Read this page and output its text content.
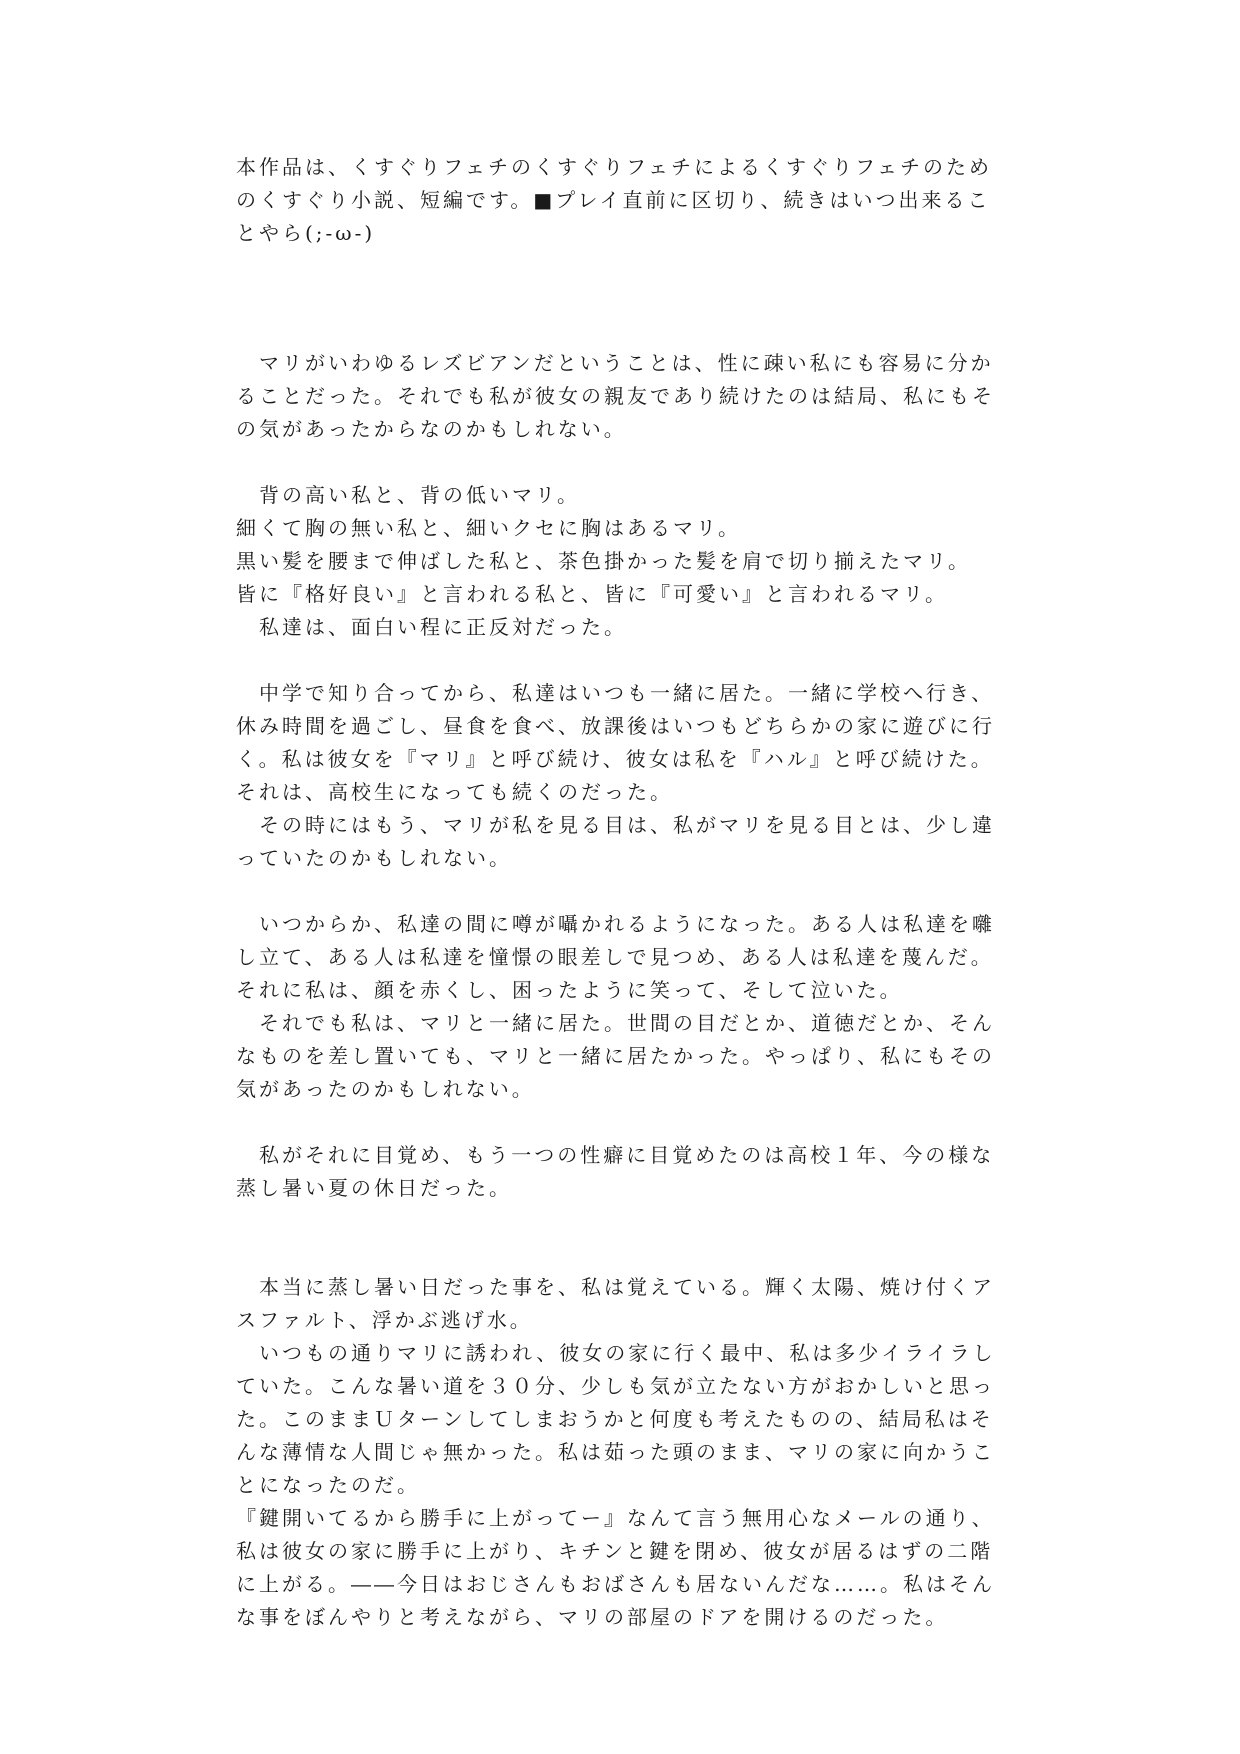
本作品は、くすぐりフェチのくすぐりフェチによるくすぐりフェチのためのくすぐり小説、短編です。■プレイ直前に区切り、続きはいつ出来ることやら(;-ω-)
　マリがいわゆるレズビアンだということは、性に疎い私にも容易に分かることだった。それでも私が彼女の親友であり続けたのは結局、私にもその気があったからなのかもしれない。

　背の高い私と、背の低いマリ。
細くて胸の無い私と、細いクセに胸はあるマリ。
黒い髪を腰まで伸ばした私と、茶色掛かった髪を肩で切り揃えたマリ。
皆に『格好良い』と言われる私と、皆に『可愛い』と言われるマリ。
　私達は、面白い程に正反対だった。

　中学で知り合ってから、私達はいつも一緒に居た。一緒に学校へ行き、休み時間を過ごし、昼食を食べ、放課後はいつもどちらかの家に遊びに行く。私は彼女を『マリ』と呼び続け、彼女は私を『ハル』と呼び続けた。それは、高校生になっても続くのだった。
　その時にはもう、マリが私を見る目は、私がマリを見る目とは、少し違っていたのかもしれない。

　いつからか、私達の間に噂が囁かれるようになった。ある人は私達を囃し立て、ある人は私達を憧憬の眼差しで見つめ、ある人は私達を蔑んだ。それに私は、顔を赤くし、困ったように笑って、そして泣いた。
　それでも私は、マリと一緒に居た。世間の目だとか、道徳だとか、そんなものを差し置いても、マリと一緒に居たかった。やっぱり、私にもその気があったのかもしれない。

　私がそれに目覚め、もう一つの性癖に目覚めたのは高校１年、今の様な蒸し暑い夏の休日だった。

　本当に蒸し暑い日だった事を、私は覚えている。輝く太陽、焼け付くアスファルト、浮かぶ逃げ水。
　いつもの通りマリに誘われ、彼女の家に行く最中、私は多少イライラしていた。こんな暑い道を３０分、少しも気が立たない方がおかしいと思った。このままＵターンしてしまおうかと何度も考えたものの、結局私はそんな薄情な人間じゃ無かった。私は茹った頭のまま、マリの家に向かうことになったのだ。
『鍵開いてるから勝手に上がってー』なんて言う無用心なメールの通り、私は彼女の家に勝手に上がり、キチンと鍵を閉め、彼女が居るはずの二階に上がる。――今日はおじさんもおばさんも居ないんだな……。私はそんな事をぼんやりと考えながら、マリの部屋のドアを開けるのだった。
